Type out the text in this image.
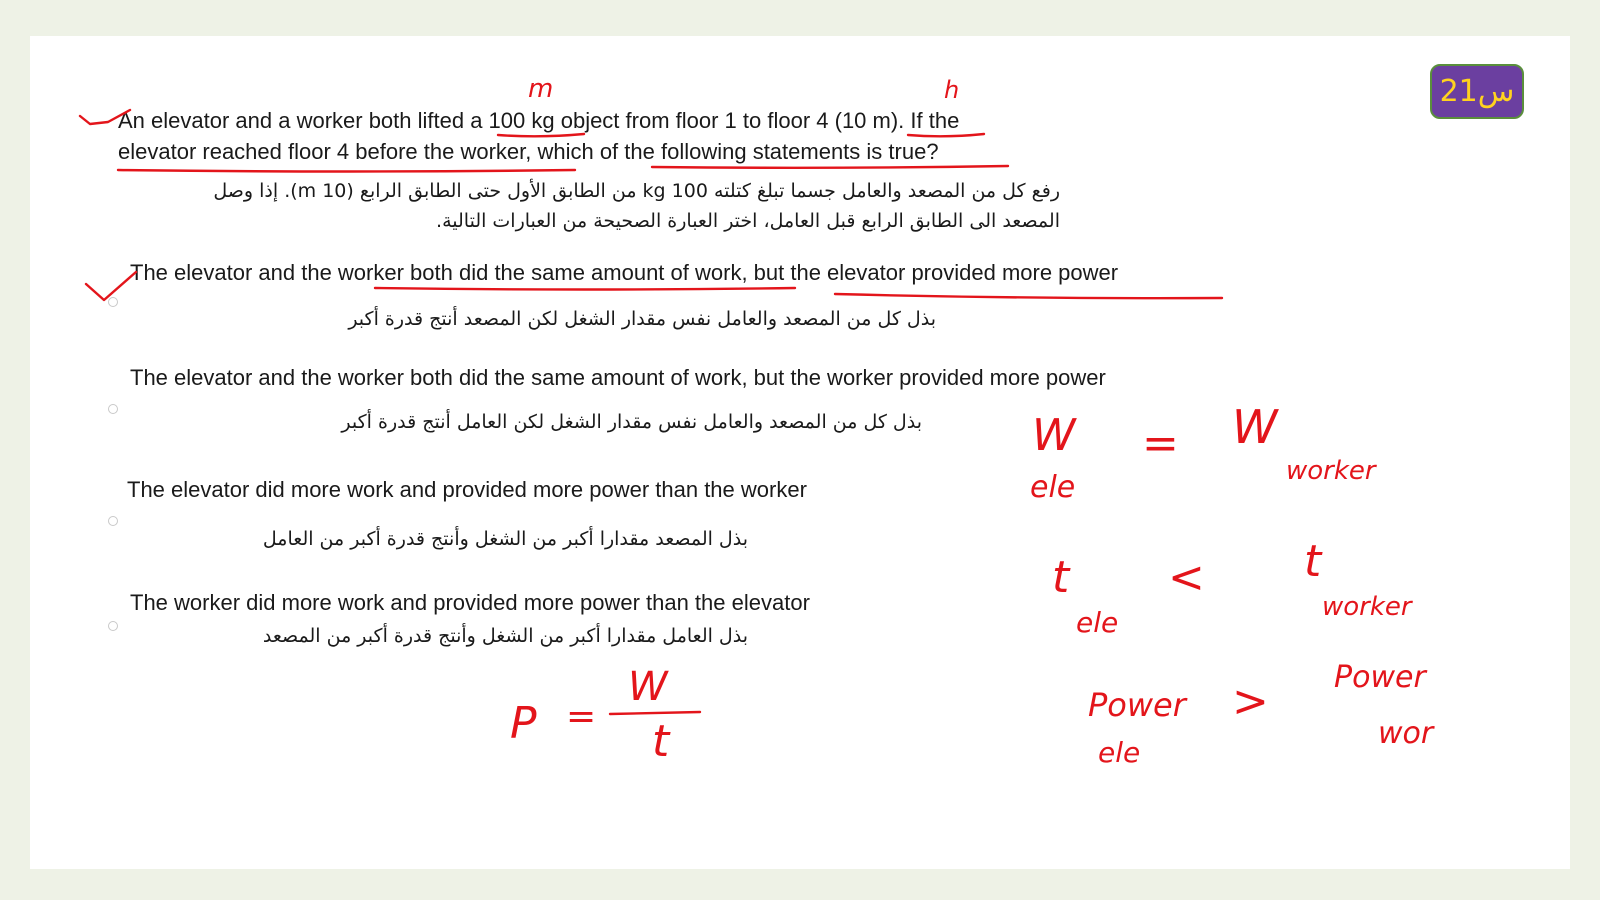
س21
An elevator and a worker both lifted a 100 kg object from floor 1 to floor 4 (10 m). If the
elevator reached floor 4 before the worker, which of the following statements is true?
رفع كل من المصعد والعامل جسما تبلغ كتلته 100 kg من الطابق الأول حتى الطابق الرابع (10 m). إذا وصل
المصعد الى الطابق الرابع قبل العامل، اختر العبارة الصحيحة من العبارات التالية.
The elevator and the worker both did the same amount of work, but the elevator provided more power
بذل كل من المصعد والعامل نفس مقدار الشغل لكن المصعد أنتج قدرة أكبر
The elevator and the worker both did the same amount of work, but the worker provided more power
بذل كل من المصعد والعامل نفس مقدار الشغل لكن العامل أنتج قدرة أكبر
The elevator did more work and provided more power than the worker
بذل المصعد مقدارا أكبر من الشغل وأنتج قدرة أكبر من العامل
The worker did more work and provided more power than the elevator
بذل العامل مقدارا أكبر من الشغل وأنتج قدرة أكبر من المصعد
m	h
W = W
ele	worker
t < t
ele	worker
Power > Power
ele
wor
P =
W
t
